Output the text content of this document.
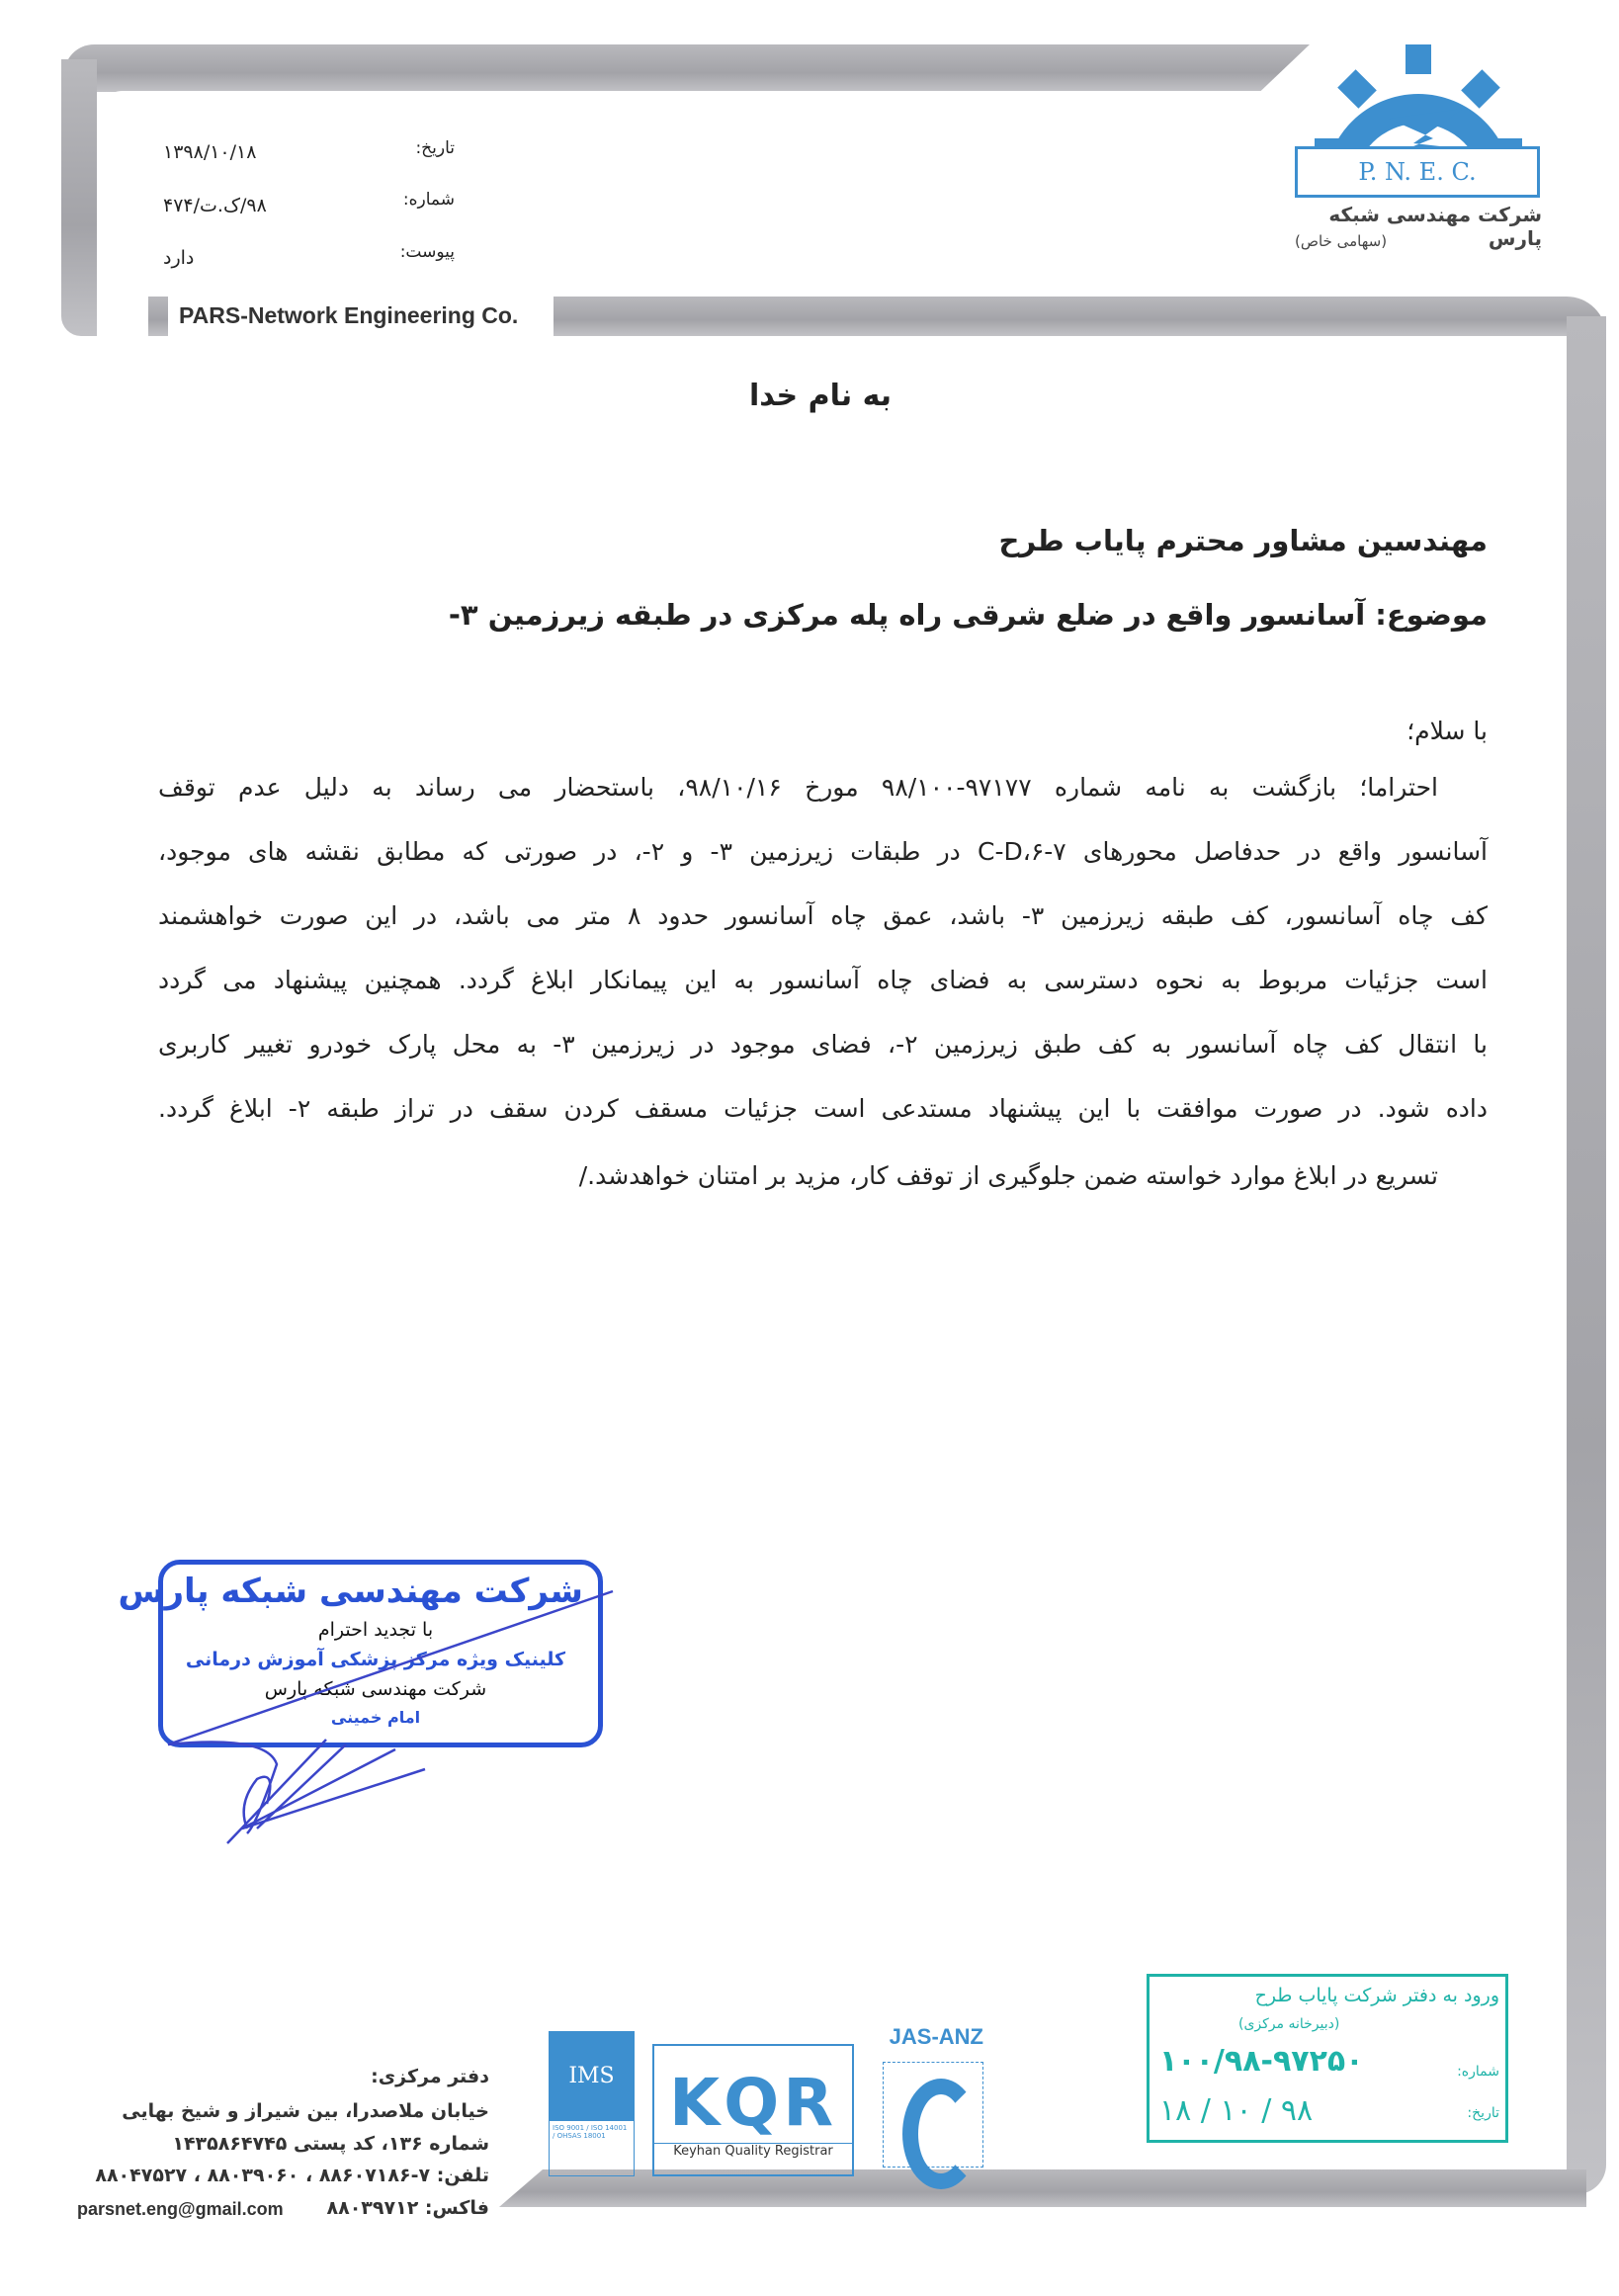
P. N. E. C.
شرکت مهندسی شبکه پارس
(سهامی خاص)
تاریخ:
۱۳۹۸/۱۰/۱۸
شماره:
۹۸/ک.ت/۴۷۴
پیوست:
دارد
PARS-Network Engineering Co.
به نام خدا
مهندسین مشاور محترم پایاب طرح
موضوع: آسانسور واقع در ضلع شرقی راه پله مرکزی در طبقه زیرزمین ۳-
با سلام؛
احتراما؛ بازگشت به نامه شماره ۹۷۱۷۷-۹۸/۱۰۰ مورخ ۹۸/۱۰/۱۶، باستحضار می رساند به دلیل عدم توقف
آسانسور واقع در حدفاصل محورهای ۷-۶،C-D در طبقات زیرزمین ۳- و ۲-، در صورتی که مطابق نقشه های موجود،
کف چاه آسانسور، کف طبقه زیرزمین ۳- باشد، عمق چاه آسانسور حدود ۸ متر می باشد، در این صورت خواهشمند
است جزئیات مربوط به نحوه دسترسی به فضای چاه آسانسور به این پیمانکار ابلاغ گردد. همچنین پیشنهاد می گردد
با انتقال کف چاه آسانسور به کف طبق زیرزمین ۲-، فضای موجود در زیرزمین ۳- به محل پارک خودرو تغییر کاربری
داده شود. در صورت موافقت با این پیشنهاد مستدعی است جزئیات مسقف کردن سقف در تراز طبقه ۲- ابلاغ گردد.
تسریع در ابلاغ موارد خواسته ضمن جلوگیری از توقف کار، مزید بر امتنان خواهدشد./
شرکت مهندسی شبکه پارس
با تجدید احترام
کلینیک ویژه مرکز پزشکی آموزش درمانی
شرکت مهندسی شبکه پارس
امام خمینی
ورود به دفتر شرکت پایاب طرح
(دبیرخانه مرکزی)
شماره:
۱۰۰/۹۸-۹۷۲۵۰
تاریخ:
۹۸ / ۱۰ / ۱۸
IMS
ISO 9001 / ISO 14001 / OHSAS 18001 KQR
Keyhan Quality Registrar
JAS-ANZ
دفتر مرکزی:
خیابان ملاصدرا، بین شیراز و شیخ بهایی
شماره ۱۳۶، کد پستی ۱۴۳۵۸۶۴۷۴۵
تلفن: ۷-۸۸۶۰۷۱۸۶ ، ۸۸۰۳۹۰۶۰ ، ۸۸۰۴۷۵۲۷
فاکس: ۸۸۰۳۹۷۱۲
parsnet.eng@gmail.com
